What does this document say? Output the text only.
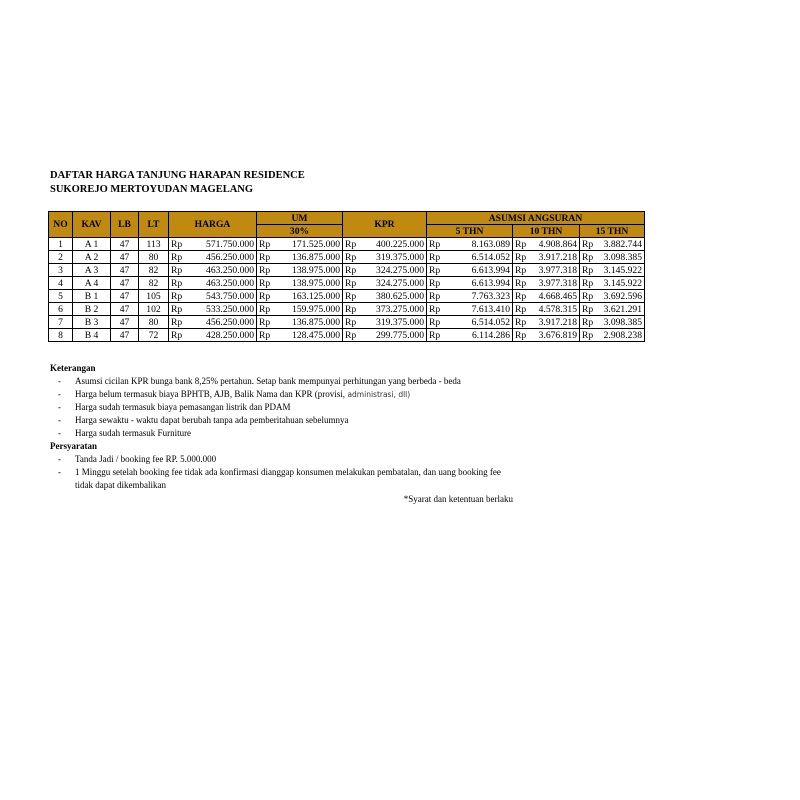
DAFTAR HARGA TANJUNG HARAPAN RESIDENCE
SUKOREJO MERTOYUDAN MAGELANG
NO	KAV	LB	LT	HARGA	UM	KPR	ASUMSI ANGSURAN		
					30%		5 THN	10 THN	15 THN
1	A 1	47	113	Rp 571.750.000	Rp 171.525.000	Rp 400.225.000	Rp 8.163.089	Rp 4.908.864	Rp 3.882.744

2	A 2	47	80	Rp 456.250.000	Rp 136.875.000	Rp 319.375.000	Rp 6.514.052	Rp 3.917.218	Rp 3.098.385

3	A 3	47	82	Rp 463.250.000	Rp 138.975.000	Rp 324.275.000	Rp 6.613.994	Rp 3.977.318	Rp 3.145.922

4	A 4	47	82	Rp 463.250.000	Rp 138.975.000	Rp 324.275.000	Rp 6.613.994	Rp 3.977.318	Rp 3.145.922

5	B 1	47	105	Rp 543.750.000	Rp 163.125.000	Rp 380.625.000	Rp 7.763.323	Rp 4.668.465	Rp 3.692.596

6	B 2	47	102	Rp 533.250.000	Rp 159.975.000	Rp 373.275.000	Rp 7.613.410	Rp 4.578.315	Rp 3.621.291

7	B 3	47	80	Rp 456.250.000	Rp 136.875.000	Rp 319.375.000	Rp 6.514.052	Rp 3.917.218	Rp 3.098.385

8	B 4	47	72	Rp 428.250.000	Rp 128.475.000	Rp 299.775.000	Rp 6.114.286	Rp 3.676.819	Rp 2.908.238
Keterangan
- Asumsi cicilan KPR bunga bank 8,25% pertahun. Setap bank mempunyai perhitungan yang berbeda - beda
- Harga belum termasuk biaya BPHTB, AJB, Balik Nama dan KPR (provisi, administrasi, dll)
- Harga sudah termasuk biaya pemasangan listrik dan PDAM
- Harga sewaktu - waktu dapat berubah tanpa ada pemberitahuan sebelumnya
- Harga sudah termasuk Furniture
Persyaratan
- Tanda Jadi / booking fee RP. 5.000.000
- 1 Minggu setelah booking fee tidak ada konfirmasi dianggap konsumen melakukan pembatalan, dan uang booking fee
tidak dapat dikembalikan
*Syarat dan ketentuan berlaku
